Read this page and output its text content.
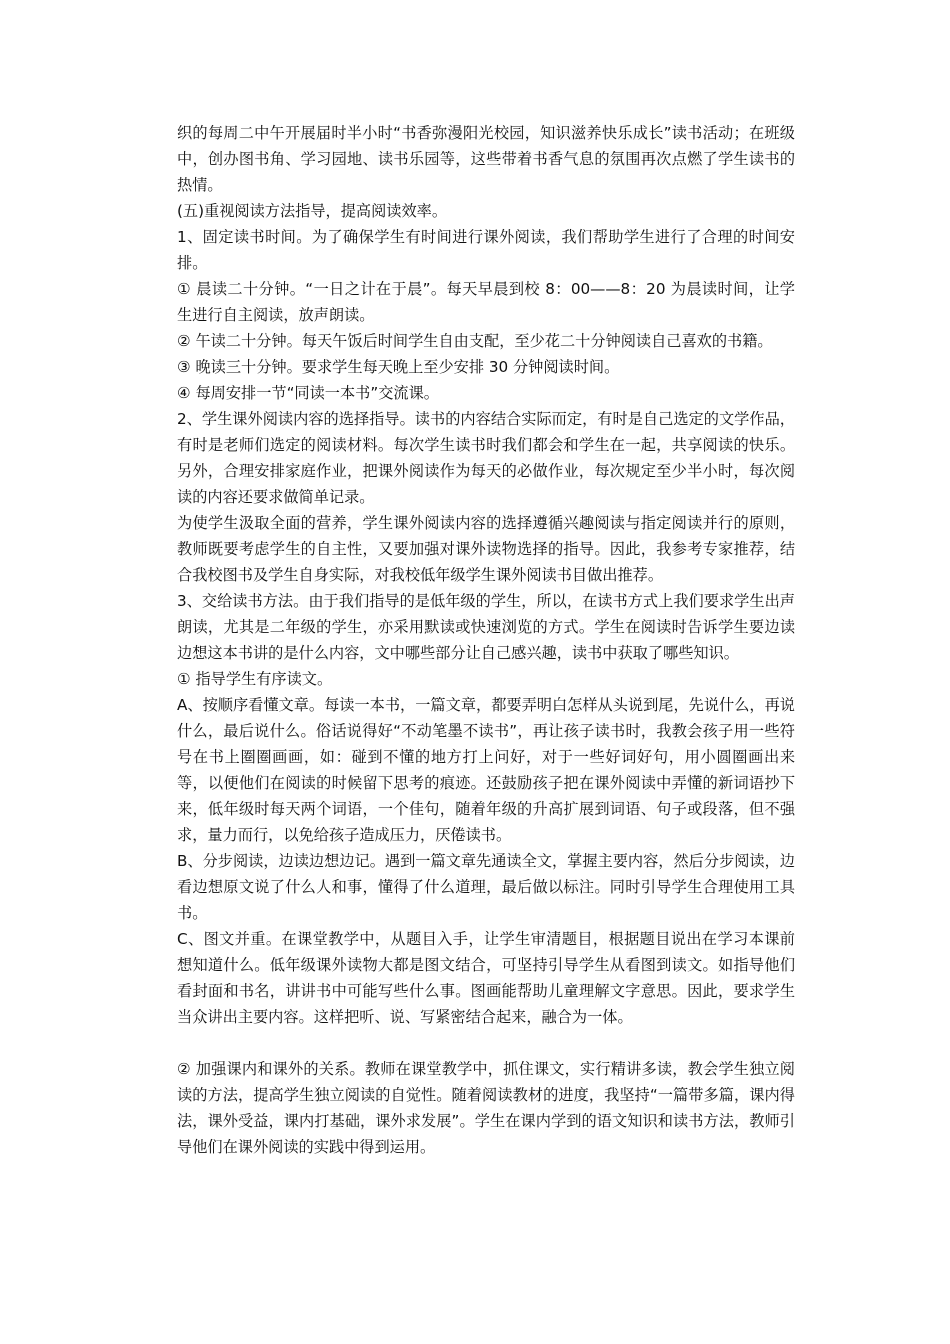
织的每周二中午开展届时半小时“书香弥漫阳光校园，知识滋养快乐成长”读书活动；在班级中，创办图书角、学习园地、读书乐园等，这些带着书香气息的氛围再次点燃了学生读书的热情。

(五)重视阅读方法指导，提高阅读效率。

1、固定读书时间。为了确保学生有时间进行课外阅读，我们帮助学生进行了合理的时间安排。

① 晨读二十分钟。“一日之计在于晨”。每天早晨到校 8：00——8：20 为晨读时间，让学生进行自主阅读，放声朗读。

② 午读二十分钟。每天午饭后时间学生自由支配，至少花二十分钟阅读自己喜欢的书籍。

③ 晚读三十分钟。要求学生每天晚上至少安排 30 分钟阅读时间。

④ 每周安排一节“同读一本书”交流课。

2、学生课外阅读内容的选择指导。读书的内容结合实际而定，有时是自己选定的文学作品，有时是老师们选定的阅读材料。每次学生读书时我们都会和学生在一起，共享阅读的快乐。另外，合理安排家庭作业，把课外阅读作为每天的必做作业，每次规定至少半小时，每次阅读的内容还要求做简单记录。

为使学生汲取全面的营养，学生课外阅读内容的选择遵循兴趣阅读与指定阅读并行的原则，教师既要考虑学生的自主性，又要加强对课外读物选择的指导。因此，我参考专家推荐，结合我校图书及学生自身实际，对我校低年级学生课外阅读书目做出推荐。

3、交给读书方法。由于我们指导的是低年级的学生，所以，在读书方式上我们要求学生出声朗读，尤其是二年级的学生，亦采用默读或快速浏览的方式。学生在阅读时告诉学生要边读边想这本书讲的是什么内容，文中哪些部分让自己感兴趣，读书中获取了哪些知识。

① 指导学生有序读文。

A、按顺序看懂文章。每读一本书，一篇文章，都要弄明白怎样从头说到尾，先说什么，再说什么，最后说什么。俗话说得好“不动笔墨不读书”，再让孩子读书时，我教会孩子用一些符号在书上圈圈画画，如：碰到不懂的地方打上问好，对于一些好词好句，用小圆圈画出来等，以便他们在阅读的时候留下思考的痕迹。还鼓励孩子把在课外阅读中弄懂的新词语抄下来，低年级时每天两个词语，一个佳句，随着年级的升高扩展到词语、句子或段落，但不强求，量力而行，以免给孩子造成压力，厌倦读书。

B、分步阅读，边读边想边记。遇到一篇文章先通读全文，掌握主要内容，然后分步阅读，边看边想原文说了什么人和事，懂得了什么道理，最后做以标注。同时引导学生合理使用工具书。

C、图文并重。在课堂教学中，从题目入手，让学生审清题目，根据题目说出在学习本课前想知道什么。低年级课外读物大都是图文结合，可坚持引导学生从看图到读文。如指导他们看封面和书名，讲讲书中可能写些什么事。图画能帮助儿童理解文字意思。因此，要求学生当众讲出主要内容。这样把听、说、写紧密结合起来，融合为一体。

② 加强课内和课外的关系。教师在课堂教学中，抓住课文，实行精讲多读，教会学生独立阅读的方法，提高学生独立阅读的自觉性。随着阅读教材的进度，我坚持“一篇带多篇，课内得法，课外受益，课内打基础，课外求发展”。学生在课内学到的语文知识和读书方法，教师引导他们在课外阅读的实践中得到运用。
